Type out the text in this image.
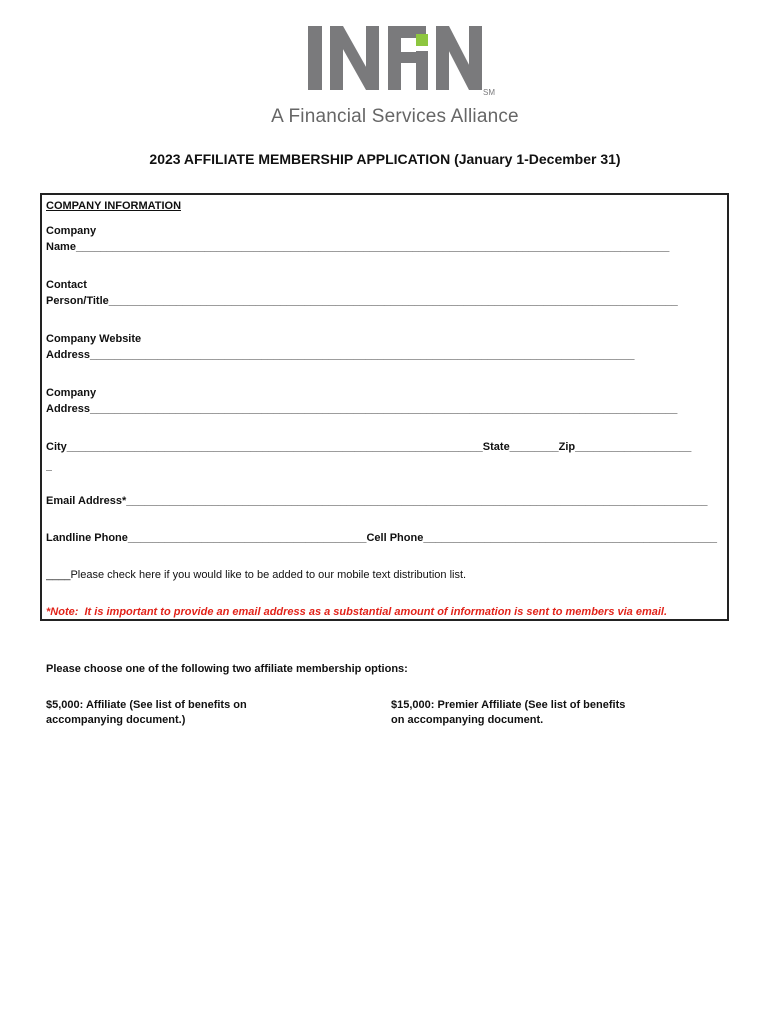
SM
A Financial Services Alliance
2023 AFFILIATE MEMBERSHIP APPLICATION (January 1-December 31)
COMPANY INFORMATION
Company
Name_________________________________________________________________________________________________
Contact
Person/Title_____________________________________________________________________________________________
Company Website
Address_________________________________________________________________________________________
Company
Address________________________________________________________________________________________________
City____________________________________________________________________State________Zip___________________
_
Email Address*_______________________________________________________________________________________________
Landline Phone_______________________________________Cell Phone________________________________________________
____Please check here if you would like to be added to our mobile text distribution list.
*Note:  It is important to provide an email address as a substantial amount of information is sent to members via email.
Please choose one of the following two affiliate membership options:
$5,000: Affiliate (See list of benefits on
accompanying document.)
$15,000: Premier Affiliate (See list of benefits
on accompanying document.
